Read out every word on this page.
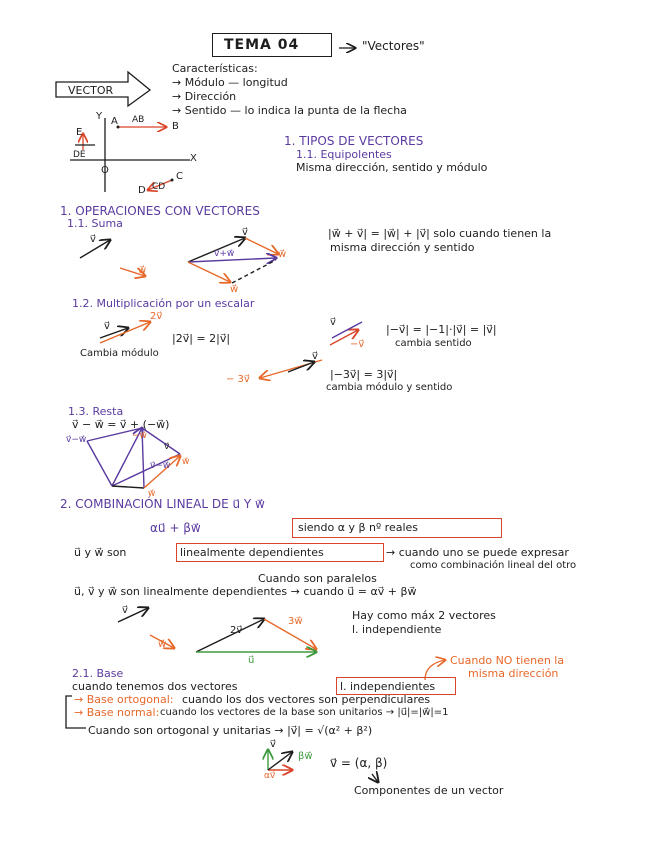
TEMA 04	"Vectores"
VECTOR
Características:
→ Módulo — longitud
→ Dirección
→ Sentido — lo indica la punta de la flecha
Y
X
O
A	B
C
D
E
AB
CD
DE
1. TIPOS DE VECTORES
1.1. Equipolentes
Misma dirección, sentido y módulo
1. OPERACIONES CON VECTORES
1.1. Suma
v⃗
w⃗
v⃗
w⃗
v⃗+w⃗
w⃗
|w⃗ + v⃗| = |w⃗| + |v⃗| solo cuando tienen la
misma dirección y sentido
1.2. Multiplicación por un escalar
v⃗
2v⃗
|2v⃗| = 2|v⃗|
Cambia módulo
v⃗
−v⃗
|−v⃗| = |−1|·|v⃗| = |v⃗|
cambia sentido
v⃗
− 3v⃗	|−3v⃗| = 3|v⃗|
cambia módulo y sentido
1.3. Resta
v⃗ − w⃗ = v⃗ + (−w⃗)
v⃗−w⃗	−w⃗
v⃗
v⃗−w⃗ w⃗
w⃗
2. COMBINACIÓN LINEAL DE u⃗ Y w⃗
αu⃗ + βw⃗	siendo α y β nº reales
u⃗ y w⃗ son	linealmente dependientes	→ cuando uno se puede expresar
como combinación lineal del otro
Cuando son paralelos
u⃗, v⃗ y w⃗ son linealmente dependientes → cuando u⃗ = αv⃗ + βw⃗
v⃗
w⃗
2v⃗
3w⃗
u⃗
Hay como máx 2 vectores
l. independiente
2.1. Base
Cuando NO tienen la
misma dirección
cuando tenemos dos vectores	l. independientes
→ Base ortogonal: cuando los dos vectores son perpendiculares
→ Base normal: cuando los vectores de la base son unitarios → |u⃗|=|w⃗|=1
Cuando son ortogonal y unitarias → |v⃗| = √(α² + β²)
v⃗
βw⃗
αv⃗
v⃗ = (α, β)
Componentes de un vector
